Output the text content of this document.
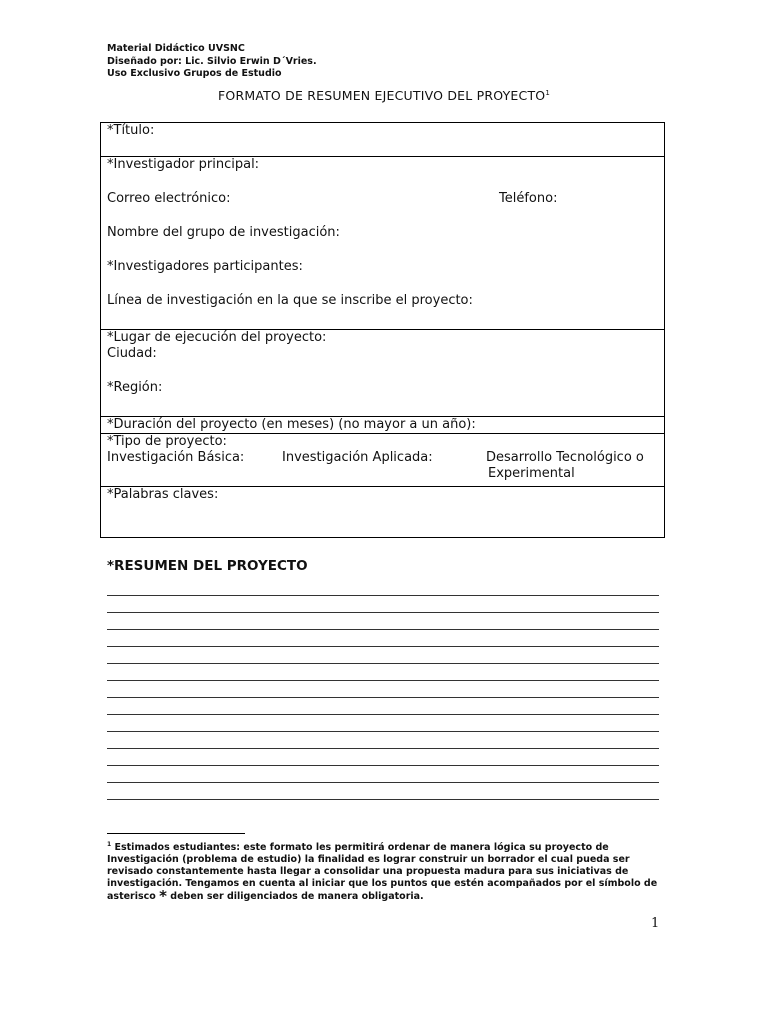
Material Didáctico UVSNC
Diseñado por: Lic. Silvio Erwin D´Vries.
Uso Exclusivo Grupos de Estudio
FORMATO DE RESUMEN EJECUTIVO DEL PROYECTO$^1$
*Título:

*Investigador principal:
Correo electrónico:	Teléfono:
Nombre del grupo de investigación:
*Investigadores participantes:
Línea de investigación en la que se inscribe el proyecto:

*Lugar de ejecución del proyecto:
Ciudad:
*Región:

*Duración del proyecto (en meses) (no mayor a un año):

*Tipo de proyecto:
Investigación Básica:	Investigación Aplicada:	Desarrollo Tecnológico o
Experimental

*Palabras claves:
*RESUMEN DEL PROYECTO
$^1$ Estimados estudiantes: este formato les permitirá ordenar de manera lógica su proyecto de Investigación (problema de estudio) la finalidad es lograr construir un borrador el cual pueda ser revisado constantemente hasta llegar a consolidar una propuesta madura para sus iniciativas de investigación. Tengamos en cuenta al iniciar que los puntos que estén acompañados por el símbolo de asterisco * deben ser diligenciados de manera obligatoria.
1
